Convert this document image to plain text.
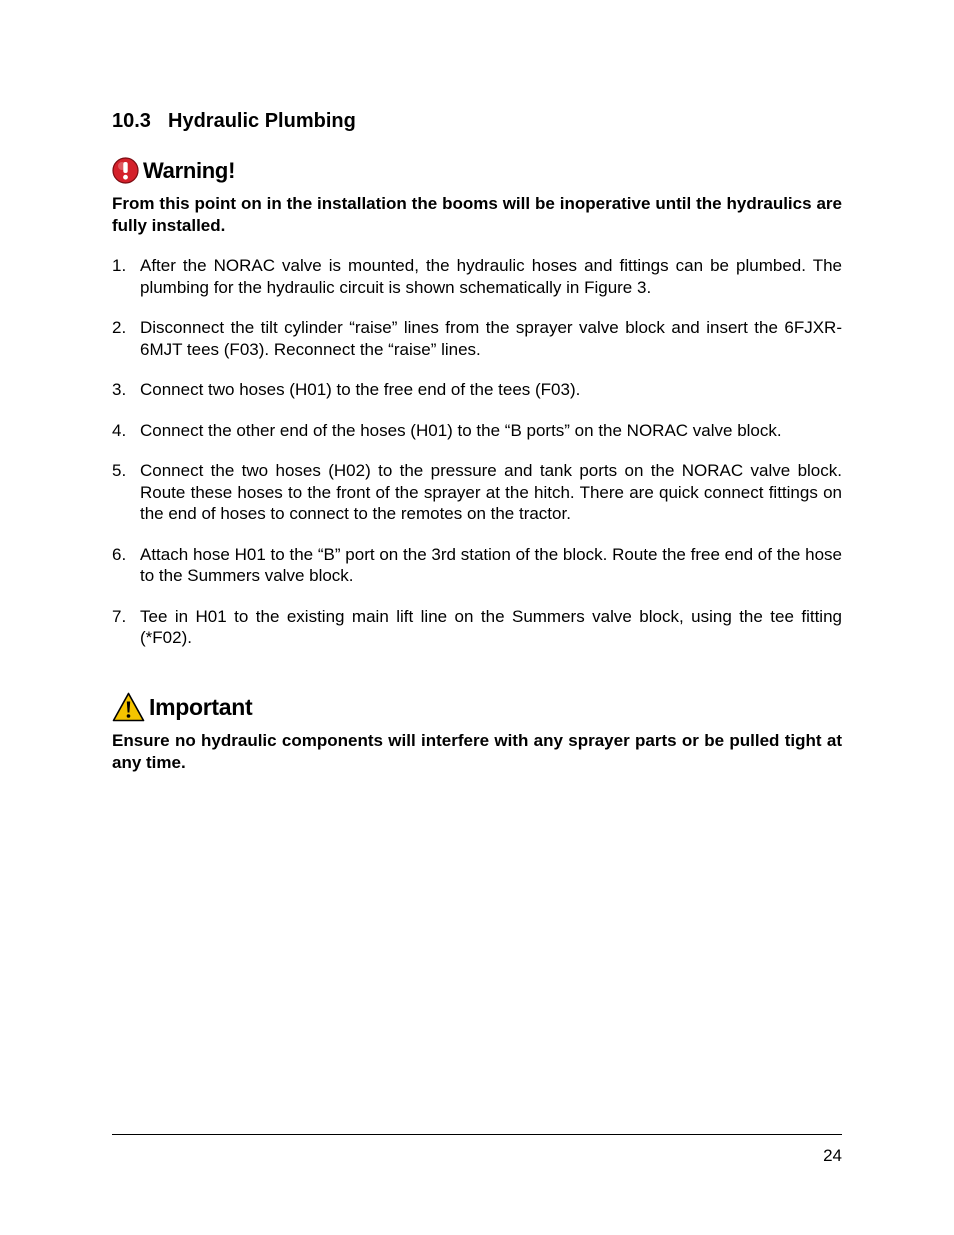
10.3 Hydraulic Plumbing
Warning!

From this point on in the installation the booms will be inoperative until the hydraulics are fully installed.

1. After the NORAC valve is mounted, the hydraulic hoses and fittings can be plumbed. The plumbing for the hydraulic circuit is shown schematically in Figure 3.
2. Disconnect the tilt cylinder “raise” lines from the sprayer valve block and insert the 6FJXR-6MJT tees (F03). Reconnect the “raise” lines.
3. Connect two hoses (H01) to the free end of the tees (F03).
4. Connect the other end of the hoses (H01) to the “B ports” on the NORAC valve block.
5. Connect the two hoses (H02) to the pressure and tank ports on the NORAC valve block. Route these hoses to the front of the sprayer at the hitch. There are quick connect fittings on the end of hoses to connect to the remotes on the tractor.
6. Attach hose H01 to the “B” port on the 3rd station of the block. Route the free end of the hose to the Summers valve block.
7. Tee in H01 to the existing main lift line on the Summers valve block, using the tee fitting (*F02).
Important

Ensure no hydraulic components will interfere with any sprayer parts or be pulled tight at any time.

24
